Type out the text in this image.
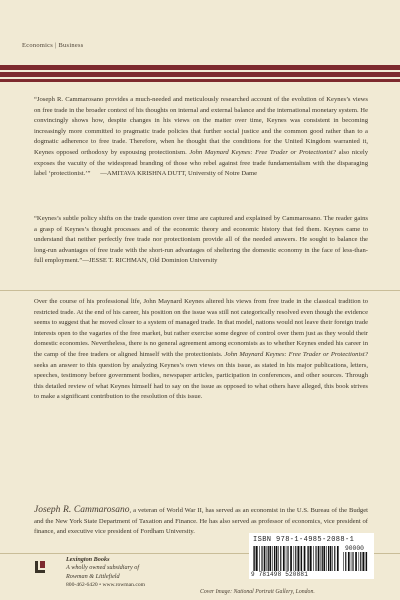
Economics | Business

“Joseph R. Cammarosano provides a much-needed and meticulously researched account of the evolution of Keynes’s views on free trade in the broader context of his thoughts on internal and external balance and the international monetary system. He convincingly shows how, despite changes in his views on the matter over time, Keynes was consistent in becoming increasingly more committed to pragmatic trade policies that further social justice and the common good rather than to a dogmatic adherence to free trade. Therefore, when he thought that the conditions for the United Kingdom warranted it, Keynes opposed orthodoxy by espousing protectionism. John Maynard Keynes: Free Trader or Protectionist? also nicely exposes the vacuity of the widespread branding of those who rebel against free trade fundamentalism with the disparaging label ‘protectionist.’” —AMITAVA KRISHNA DUTT, University of Notre Dame

“Keynes’s subtle policy shifts on the trade question over time are captured and explained by Cammarosano. The reader gains a grasp of Keynes’s thought processes and of the economic theory and economic history that fed them. Keynes came to understand that neither perfectly free trade nor protectionism provide all of the needed answers. He sought to balance the long-run advantages of free trade with the short-run advantages of sheltering the domestic economy in the face of less-than-full employment.”—JESSE T. RICHMAN, Old Dominion University

Over the course of his professional life, John Maynard Keynes altered his views from free trade in the classical tradition to restricted trade. At the end of his career, his position on the issue was still not categorically resolved even though the evidence seems to suggest that he moved closer to a system of managed trade. In that model, nations would not leave their foreign trade interests open to the vagaries of the free market, but rather exercise some degree of control over them just as they would their domestic economies. Nevertheless, there is no general agreement among economists as to whether Keynes ended his career in the camp of the free traders or aligned himself with the protectionists. John Maynard Keynes: Free Trader or Protectionist? seeks an answer to this question by analyzing Keynes’s own views on this issue, as stated in his major publications, letters, speeches, testimony before government bodies, newspaper articles, participation in conferences, and other sources. Through this detailed review of what Keynes himself had to say on the issue as opposed to what others have alleged, this book strives to make a significant contribution to the resolution of this issue.

Joseph R. Cammarosano, a veteran of World War II, has served as an economist in the U.S. Bureau of the Budget and the New York State Department of Taxation and Finance. He has also served as professor of economics, vice president of finance, and executive vice president of Fordham University.

Lexington Books
A wholly owned subsidiary of
Rowman & Littlefield
800-462-6420 • www.rowman.com
ISBN 978-1-4985-2088-1
90000
9 781498 520881
Cover Image: National Portrait Gallery, London.
